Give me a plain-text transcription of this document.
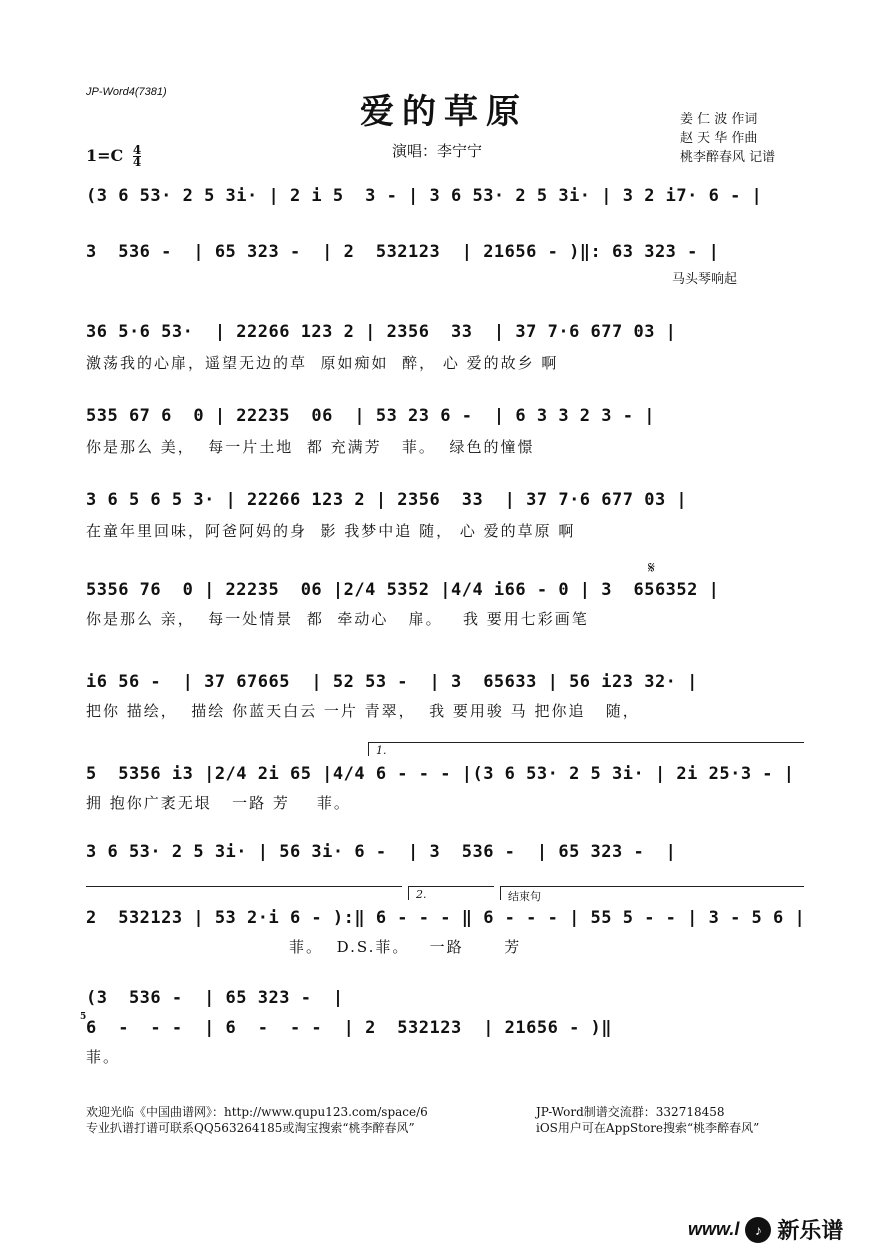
JP-Word4(7381)	爱的草原	姜 仁 波 作词
赵 天 华 作曲
桃李醉春风 记谱
$1=C \frac{4}{4}$	演唱：李宁宁
(3 6 53· 2 5 3i· | 2 i 5  3 - | 3 6 53· 2 5 3i· | 3 2 i7· 6 - |
3  536 -  | 65 323 -  | 2  532123  | 21656 - )‖: 63 323 - |
马头琴响起
36 5·6 53·  | 22266 123 2 | 2356  33  | 37 7·6 677 03 |
激荡我的心扉，遥望无边的草  原如痴如  醉， 心 爱的故乡 啊
535 67 6  0 | 22235  06  | 53 23 6 -  | 6 3 3 2 3 - |
你是那么 美，  每一片土地  都 充满芳   菲。  绿色的憧憬
3 6 5 6 5 3· | 22266 123 2 | 2356  33  | 37 7·6 677 03 |
在童年里回味，阿爸阿妈的身  影 我梦中追 随， 心 爱的草原 啊
𝄋
5356 76  0 | 22235  06 |2/4 5352 |4/4 i66 - 0 | 3  656352 |
你是那么 亲，  每一处情景  都  牵动心   扉。   我 要用七彩画笔
i6 56 -  | 37 67665  | 52 53 -  | 3  65633 | 56 i23 32· |
把你 描绘，  描绘 你蓝天白云 一片 青翠，  我 要用骏 马 把你追   随，
1.
5  5356 i3 |2/4 2i 65 |4/4 6 - - - |(3 6 53· 2 5 3i· | 2i 25·3 - |
拥 抱你广袤无垠   一路 芳    菲。
3 6 53· 2 5 3i· | 56 3i· 6 -  | 3  536 -  | 65 323 -  |
2.	结束句
2  532123 | 53 2·i 6 - ):‖ 6 - - - ‖ 6 - - - | 55 5 - - | 3 - 5 6 |
菲。  D.S.菲。   一路      芳
(3  536 -  | 65 323 -  |
5
6  -  - -  | 6  -  - -  | 2  532123  | 21656 - )‖
菲。
欢迎光临《中国曲谱网》：http://www.qupu123.com/space/6
专业扒谱打谱可联系QQ563264185或淘宝搜索“桃李醉春风”
JP-Word制谱交流群：332718458
iOS用户可在AppStore搜索“桃李醉春风”
www.l	♪ 新乐谱
